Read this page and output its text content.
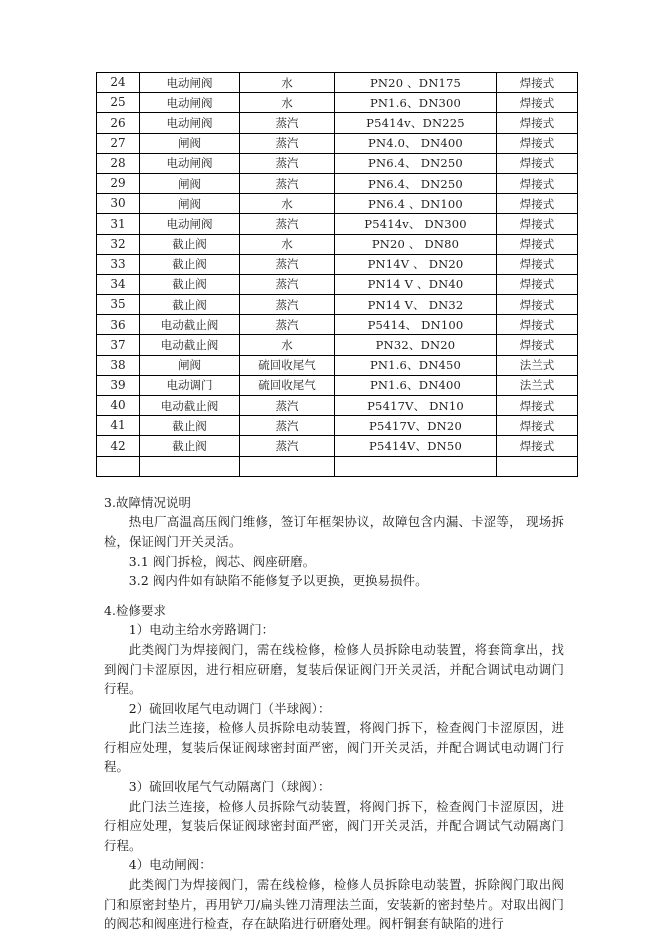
24	电动闸阀	水	PN20 、DN175	焊接式
25	电动闸阀	水	PN1.6、DN300	焊接式
26	电动闸阀	蒸汽	P5414v、DN225	焊接式
27	闸阀	蒸汽	PN4.0、 DN400	焊接式
28	电动闸阀	蒸汽	PN6.4、 DN250	焊接式
29	闸阀	蒸汽	PN6.4、 DN250	焊接式
30	闸阀	水	PN6.4 、DN100	焊接式
31	电动闸阀	蒸汽	P5414v、 DN300	焊接式
32	截止阀	水	PN20 、 DN80	焊接式
33	截止阀	蒸汽	PN14V 、 DN20	焊接式
34	截止阀	蒸汽	PN14 V 、DN40	焊接式
35	截止阀	蒸汽	PN14 V、 DN32	焊接式
36	电动截止阀	蒸汽	P5414、 DN100	焊接式
37	电动截止阀	水	PN32、DN20	焊接式
38	闸阀	硫回收尾气	PN1.6、DN450	法兰式
39	电动调门	硫回收尾气	PN1.6、DN400	法兰式
40	电动截止阀	蒸汽	P5417V、 DN10	焊接式
41	截止阀	蒸汽	P5417V、DN20	焊接式
42	截止阀	蒸汽	P5414V、DN50	焊接式

3.故障情况说明

热电厂高温高压阀门维修，签订年框架协议，故障包含内漏、卡涩等， 现场拆检，保证阀门开关灵活。

3.1 阀门拆检，阀芯、阀座研磨。

3.2 阀内件如有缺陷不能修复予以更换，更换易损件。

4.检修要求

1）电动主给水旁路调门：

此类阀门为焊接阀门，需在线检修，检修人员拆除电动装置，将套筒拿出，找到阀门卡涩原因，进行相应研磨，复装后保证阀门开关灵活，并配合调试电动调门行程。

2）硫回收尾气电动调门（半球阀）：

此门法兰连接，检修人员拆除电动装置，将阀门拆下，检查阀门卡涩原因，进行相应处理，复装后保证阀球密封面严密，阀门开关灵活，并配合调试电动调门行程。

3）硫回收尾气气动隔离门（球阀）：

此门法兰连接，检修人员拆除气动装置，将阀门拆下，检查阀门卡涩原因，进行相应处理，复装后保证阀球密封面严密，阀门开关灵活，并配合调试气动隔离门行程。

4）电动闸阀：

此类阀门为焊接阀门，需在线检修，检修人员拆除电动装置，拆除阀门取出阀门和原密封垫片，再用铲刀/扁头锉刀清理法兰面，安装新的密封垫片。对取出阀门的阀芯和阀座进行检查，存在缺陷进行研磨处理。阀杆铜套有缺陷的进行
